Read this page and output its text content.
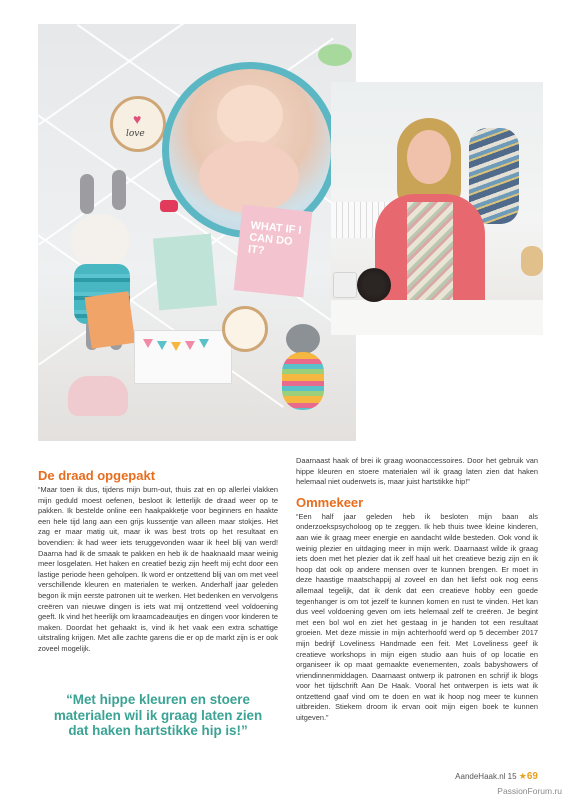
♥
love
WHAT IF I CAN DO IT?
De draad opgepakt

“Maar toen ik dus, tijdens mijn burn-out, thuis zat en op allerlei vlakken mijn geduld moest oefenen, besloot ik letterlijk de draad weer op te pakken. Ik bestelde online een haakpakketje voor beginners en haakte een hele tijd lang aan een grijs kussentje van alleen maar stokjes. Het zag er maar matig uit, maar ik was best trots op het resultaat en bovendien: ik had weer iets teruggevonden waar ik heel blij van werd! Daarna had ik de smaak te pakken en heb ik de haaknaald maar weinig meer losgelaten. Het haken en creatief bezig zijn heeft mij echt door een lastige periode heen geholpen. Ik word er ontzettend blij van om met veel verschillende kleuren en materialen te werken. Anderhalf jaar geleden begon ik mijn eerste patronen uit te werken. Het bedenken en vervolgens creëren van nieuwe dingen is iets wat mij ontzettend veel voldoening geeft. Ik vind het heerlijk om kraamcadeautjes en dingen voor kinderen te maken. Doordat het gehaakt is, vind ik het vaak een extra schattige uitstraling krijgen. Met alle zachte garens die er op de markt zijn is er ook zoveel mogelijk.

“Met hippe kleuren en stoere materialen wil ik graag laten zien dat haken hartstikke hip is!”

Daarnaast haak of brei ik graag woonaccessoires. Door het gebruik van hippe kleuren en stoere materialen wil ik graag laten zien dat haken helemaal niet ouderwets is, maar juist hartstikke hip!”

Ommekeer

“Een half jaar geleden heb ik besloten mijn baan als onderzoekspsycholoog op te zeggen. Ik heb thuis twee kleine kinderen, aan wie ik graag meer energie en aandacht wilde besteden. Ook vond ik weinig plezier en uitdaging meer in mijn werk. Daarnaast wilde ik graag iets doen met het plezier dat ik zelf haal uit het creatieve bezig zijn en ik hoop dat ook op andere mensen over te kunnen brengen. Er moet in deze haastige maatschappij al zoveel en dan het liefst ook nog eens allemaal tegelijk, dat ik denk dat een creatieve hobby een goede tegenhanger is om tot jezelf te kunnen komen en rust te vinden. Het kan dus veel voldoening geven om iets helemaal zelf te creëren. Je begint met een bol wol en ziet het gestaag in je handen tot een resultaat groeien. Met deze missie in mijn achterhoofd werd op 5 december 2017 mijn bedrijf Loveliness Handmade een feit. Met Loveliness geef ik creatieve workshops in mijn eigen studio aan huis of op locatie en organiseer ik op maat gemaakte evenementen, zoals babyshowers of vriendinnenmiddagen. Daarnaast ontwerp ik patronen en schrijf ik blogs voor het tijdschrift Aan De Haak. Vooral het ontwerpen is iets wat ik ontzettend gaaf vind om te doen en wat ik hoop nog meer te kunnen uitbreiden. Stiekem droom ik ervan ooit mijn eigen boek te kunnen uitgeven.”

AandeHaak.nl 15 ★69
PassionForum.ru
